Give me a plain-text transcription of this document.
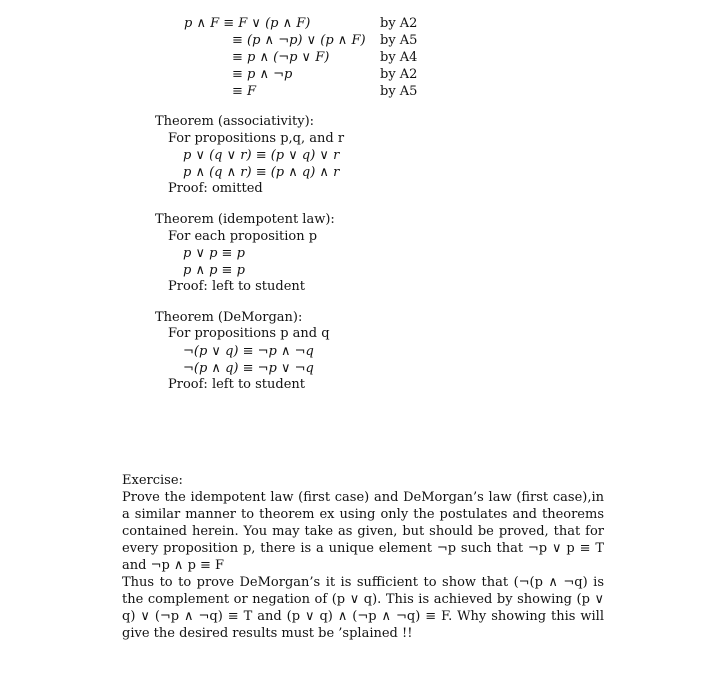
p ∧ F ≡ F ∨ (p ∧ F)	by A2
≡ (p ∧ ¬p) ∨ (p ∧ F) by A5
≡ p ∧ (¬p ∨ F)	by A4
≡ p ∧ ¬p	by A2
≡ F	by A5
Theorem (associativity):
For propositions p,q, and r
p ∨ (q ∨ r) ≡ (p ∨ q) ∨ r
p ∧ (q ∧ r) ≡ (p ∧ q) ∧ r
Proof: omitted
Theorem (idempotent law):
For each proposition p
p ∨ p ≡ p
p ∧ p ≡ p
Proof: left to student
Theorem (DeMorgan):
For propositions p and q
¬(p ∨ q) ≡ ¬p ∧ ¬q
¬(p ∧ q) ≡ ¬p ∨ ¬q
Proof: left to student

Exercise:

Prove the idempotent law (first case) and DeMorgan’s law (first case),in a similar manner to theorem ex using only the postulates and theorems contained herein. You may take as given, but should be proved, that for every proposition p, there is a unique element ¬p such that ¬p ∨ p ≡ T and ¬p ∧ p ≡ F

Thus to to prove DeMorgan’s it is sufficient to show that (¬(p ∧ ¬q) is the complement or negation of (p ∨ q). This is achieved by showing (p ∨ q) ∨ (¬p ∧ ¬q) ≡ T and (p ∨ q) ∧ (¬p ∧ ¬q) ≡ F. Why showing this will give the desired results must be ’splained !!
